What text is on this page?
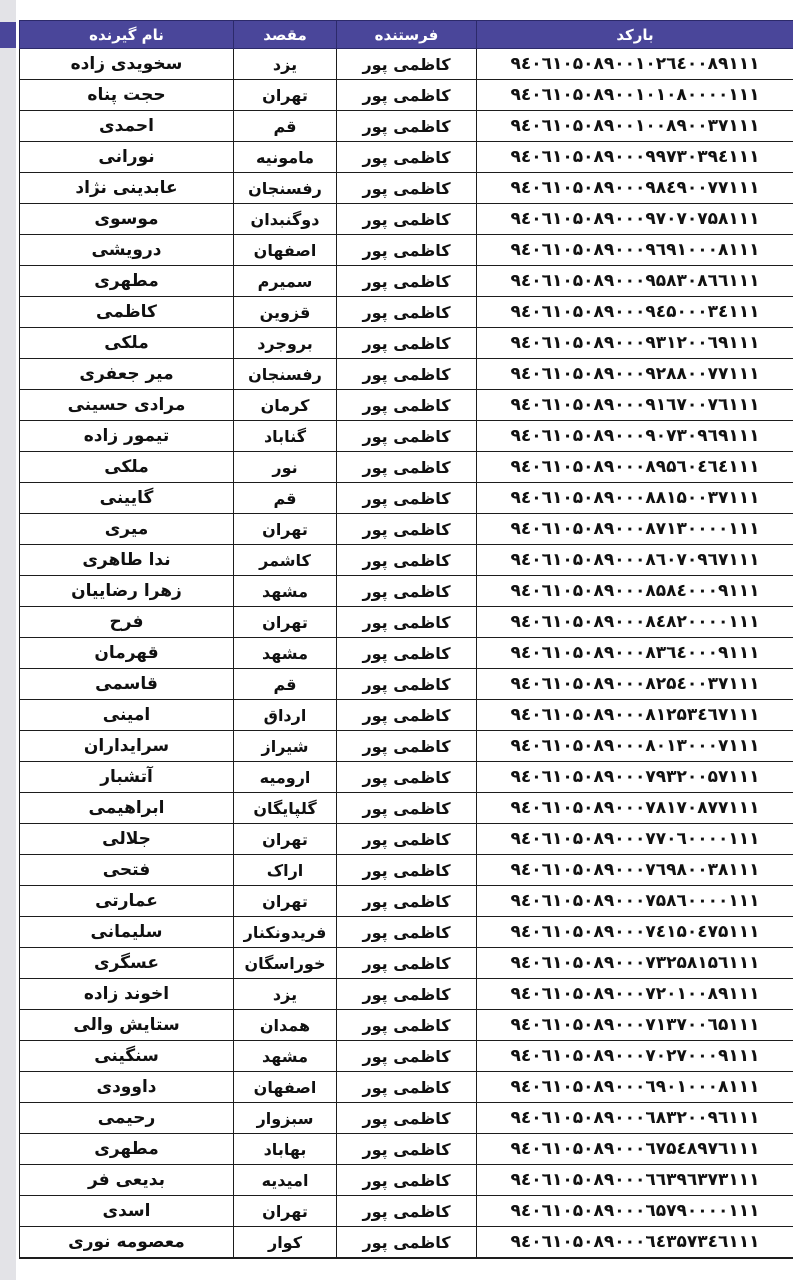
بارکد	فرستنده	مقصد	نام گیرنده
۹٤۰٦۱۰۵۰۸۹۰۰۱۰۲٦٤۰۰۸۹۱۱۱	کاظمی پور	یزد	سخویدی زاده
۹٤۰٦۱۰۵۰۸۹۰۰۱۰۱۰۸۰۰۰۰۱۱۱	کاظمی پور	تهران	حجت پناه
۹٤۰٦۱۰۵۰۸۹۰۰۱۰۰۸۹۰۰۳۷۱۱۱	کاظمی پور	قم	احمدی
۹٤۰٦۱۰۵۰۸۹۰۰۰۹۹۷۳۰۳۹٤۱۱۱	کاظمی پور	مامونیه	نورانی
۹٤۰٦۱۰۵۰۸۹۰۰۰۹۸٤۹۰۰۷۷۱۱۱	کاظمی پور	رفسنجان	عابدینی نژاد
۹٤۰٦۱۰۵۰۸۹۰۰۰۹۷۰۷۰۷۵۸۱۱۱	کاظمی پور	دوگنبدان	موسوی
۹٤۰٦۱۰۵۰۸۹۰۰۰۹٦۹۱۰۰۰۸۱۱۱	کاظمی پور	اصفهان	درویشی
۹٤۰٦۱۰۵۰۸۹۰۰۰۹۵۸۳۰۸٦٦۱۱۱	کاظمی پور	سمیرم	مطهری
۹٤۰٦۱۰۵۰۸۹۰۰۰۹٤۵۰۰۰۳٤۱۱۱	کاظمی پور	قزوین	کاظمی
۹٤۰٦۱۰۵۰۸۹۰۰۰۹۳۱۲۰۰٦۹۱۱۱	کاظمی پور	بروجرد	ملکی
۹٤۰٦۱۰۵۰۸۹۰۰۰۹۲۸۸۰۰۷۷۱۱۱	کاظمی پور	رفسنجان	میر جعفری
۹٤۰٦۱۰۵۰۸۹۰۰۰۹۱٦۷۰۰۷٦۱۱۱	کاظمی پور	کرمان	مرادی حسینی
۹٤۰٦۱۰۵۰۸۹۰۰۰۹۰۷۳۰۹٦۹۱۱۱	کاظمی پور	گناباد	تیمور زاده
۹٤۰٦۱۰۵۰۸۹۰۰۰۸۹۵٦۰٤٦٤۱۱۱	کاظمی پور	نور	ملکی
۹٤۰٦۱۰۵۰۸۹۰۰۰۸۸۱۵۰۰۳۷۱۱۱	کاظمی پور	قم	گایینی
۹٤۰٦۱۰۵۰۸۹۰۰۰۸۷۱۳۰۰۰۰۱۱۱	کاظمی پور	تهران	میری
۹٤۰٦۱۰۵۰۸۹۰۰۰۸٦۰۷۰۹٦۷۱۱۱	کاظمی پور	کاشمر	ندا طاهری
۹٤۰٦۱۰۵۰۸۹۰۰۰۸۵۸٤۰۰۰۹۱۱۱	کاظمی پور	مشهد	زهرا رضاییان
۹٤۰٦۱۰۵۰۸۹۰۰۰۸٤۸۲۰۰۰۰۱۱۱	کاظمی پور	تهران	فرح
۹٤۰٦۱۰۵۰۸۹۰۰۰۸۳٦٤۰۰۰۹۱۱۱	کاظمی پور	مشهد	قهرمان
۹٤۰٦۱۰۵۰۸۹۰۰۰۸۲۵٤۰۰۳۷۱۱۱	کاظمی پور	قم	قاسمی
۹٤۰٦۱۰۵۰۸۹۰۰۰۸۱۲۵۳٤٦۷۱۱۱	کاظمی پور	ارداق	امینی
۹٤۰٦۱۰۵۰۸۹۰۰۰۸۰۱۳۰۰۰۷۱۱۱	کاظمی پور	شیراز	سرایداران
۹٤۰٦۱۰۵۰۸۹۰۰۰۷۹۳۲۰۰۵۷۱۱۱	کاظمی پور	ارومیه	آتشبار
۹٤۰٦۱۰۵۰۸۹۰۰۰۷۸۱۷۰۸۷۷۱۱۱	کاظمی پور	گلپایگان	ابراهیمی
۹٤۰٦۱۰۵۰۸۹۰۰۰۷۷۰٦۰۰۰۰۱۱۱	کاظمی پور	تهران	جلالی
۹٤۰٦۱۰۵۰۸۹۰۰۰۷٦۹۸۰۰۳۸۱۱۱	کاظمی پور	اراک	فتحی
۹٤۰٦۱۰۵۰۸۹۰۰۰۷۵۸٦۰۰۰۰۱۱۱	کاظمی پور	تهران	عمارتی
۹٤۰٦۱۰۵۰۸۹۰۰۰۷٤۱۵۰٤۷۵۱۱۱	کاظمی پور	فریدونکنار	سلیمانی
۹٤۰٦۱۰۵۰۸۹۰۰۰۷۳۲۵۸۱۵٦۱۱۱	کاظمی پور	خوراسگان	عسگری
۹٤۰٦۱۰۵۰۸۹۰۰۰۷۲۰۱۰۰۸۹۱۱۱	کاظمی پور	یزد	اخوند زاده
۹٤۰٦۱۰۵۰۸۹۰۰۰۷۱۳۷۰۰٦۵۱۱۱	کاظمی پور	همدان	ستایش والی
۹٤۰٦۱۰۵۰۸۹۰۰۰۷۰۲۷۰۰۰۹۱۱۱	کاظمی پور	مشهد	سنگینی
۹٤۰٦۱۰۵۰۸۹۰۰۰٦۹۰۱۰۰۰۸۱۱۱	کاظمی پور	اصفهان	داوودی
۹٤۰٦۱۰۵۰۸۹۰۰۰٦۸۳۲۰۰۹٦۱۱۱	کاظمی پور	سبزوار	رحیمی
۹٤۰٦۱۰۵۰۸۹۰۰۰٦۷۵٤۸۹۷٦۱۱۱	کاظمی پور	بهاباد	مطهری
۹٤۰٦۱۰۵۰۸۹۰۰۰٦٦۳۹٦۳۷۳۱۱۱	کاظمی پور	امیدیه	بدیعی فر
۹٤۰٦۱۰۵۰۸۹۰۰۰٦۵۷۹۰۰۰۰۱۱۱	کاظمی پور	تهران	اسدی
۹٤۰٦۱۰۵۰۸۹۰۰۰٦٤۳۵۷۳٤٦۱۱۱	کاظمی پور	کوار	معصومه نوری
